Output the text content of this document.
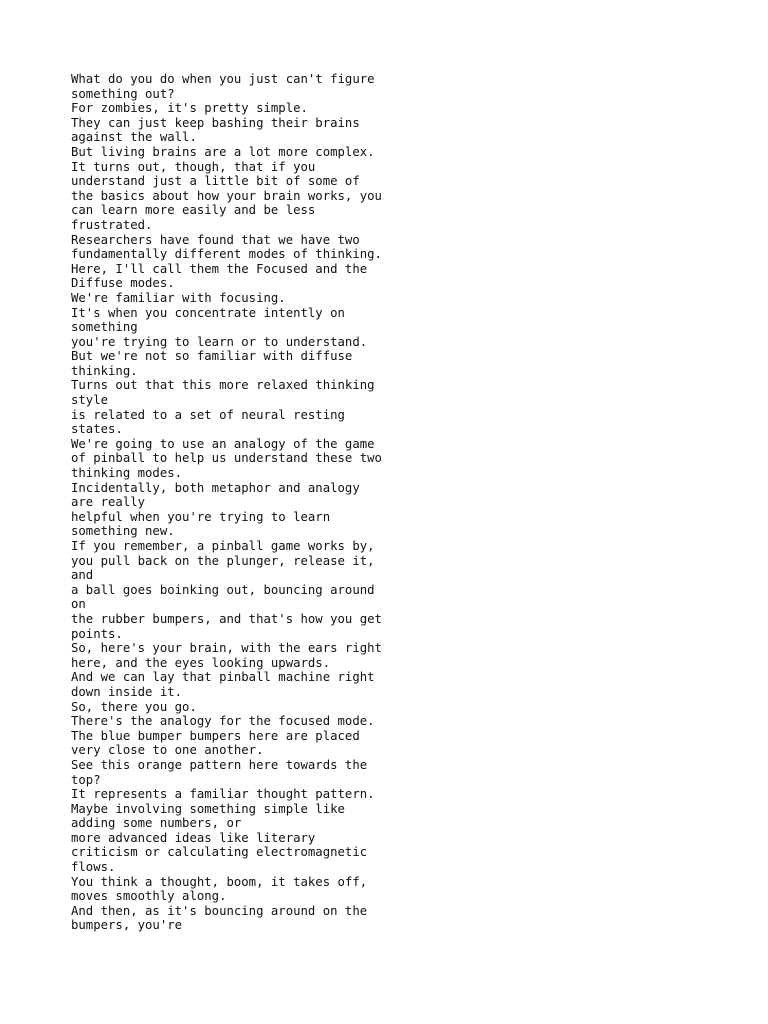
What do you do when you just can't figure
something out?
For zombies, it's pretty simple.
They can just keep bashing their brains
against the wall.
But living brains are a lot more complex.
It turns out, though, that if you
understand just a little bit of some of
the basics about how your brain works, you
can learn more easily and be less
frustrated.
Researchers have found that we have two
fundamentally different modes of thinking.
Here, I'll call them the Focused and the
Diffuse modes.
We're familiar with focusing.
It's when you concentrate intently on
something
you're trying to learn or to understand.
But we're not so familiar with diffuse
thinking.
Turns out that this more relaxed thinking
style
is related to a set of neural resting
states.
We're going to use an analogy of the game
of pinball to help us understand these two
thinking modes.
Incidentally, both metaphor and analogy
are really
helpful when you're trying to learn
something new.
If you remember, a pinball game works by,
you pull back on the plunger, release it,
and
a ball goes boinking out, bouncing around
on
the rubber bumpers, and that's how you get
points.
So, here's your brain, with the ears right
here, and the eyes looking upwards.
And we can lay that pinball machine right
down inside it.
So, there you go.
There's the analogy for the focused mode.
The blue bumper bumpers here are placed
very close to one another.
See this orange pattern here towards the
top?
It represents a familiar thought pattern.
Maybe involving something simple like
adding some numbers, or
more advanced ideas like literary
criticism or calculating electromagnetic
flows.
You think a thought, boom, it takes off,
moves smoothly along.
And then, as it's bouncing around on the
bumpers, you're
